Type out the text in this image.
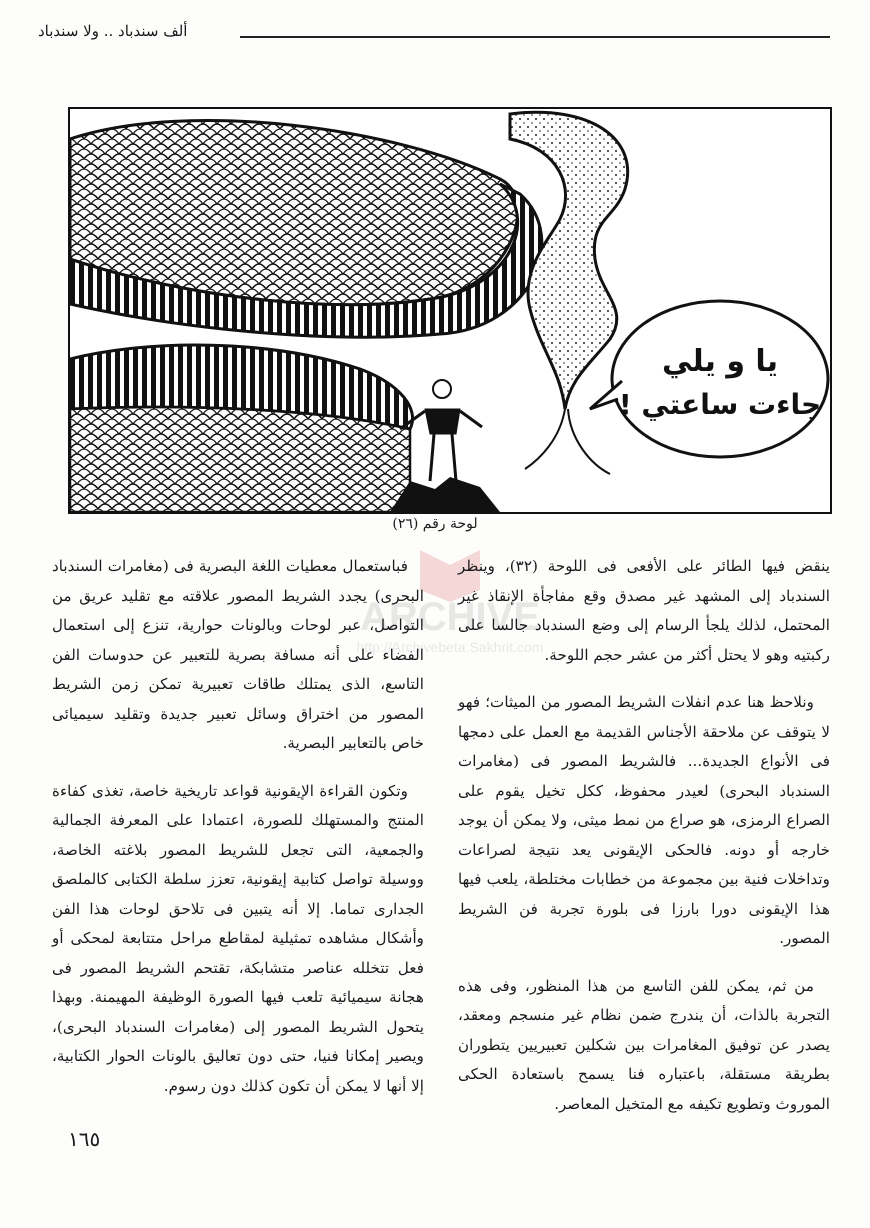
ألف سندباد .. ولا سندباد
يا و يلي
جاءت ساعتي !
لوحة رقم (٢٦)
ARCHIVE
http://Archivebeta.Sakhrit.com

ينقض فيها الطائر على الأفعى فى اللوحة (٣٢)، وينظر السندباد إلى المشهد غير مصدق وقع مفاجأة الإنقاذ غير المحتمل، لذلك يلجأ الرسام إلى وضع السندباد جالسا على ركبتيه وهو لا يحتل أكثر من عشر حجم اللوحة.

ونلاحظ هنا عدم انفلات الشريط المصور من الميثات؛ فهو لا يتوقف عن ملاحقة الأجناس القديمة مع العمل على دمجها فى الأنواع الجديدة... فالشريط المصور فى (مغامرات السندباد البحرى) لعيدر محفوظ، ككل تخيل يقوم على الصراع الرمزى، هو صراع من نمط ميثى، ولا يمكن أن يوجد خارجه أو دونه. فالحكى الإيقونى يعد نتيجة لصراعات وتداخلات فنية بين مجموعة من خطابات مختلطة، يلعب فيها هذا الإيقونى دورا بارزا فى بلورة تجربة فن الشريط المصور.

من ثم، يمكن للفن التاسع من هذا المنظور، وفى هذه التجربة بالذات، أن يندرج ضمن نظام غير منسجم ومعقد، يصدر عن توفيق المغامرات بين شكلين تعبيريين يتطوران بطريقة مستقلة، باعتباره فنا يسمح باستعادة الحكى الموروث وتطويع تكيفه مع المتخيل المعاصر.

فباستعمال معطيات اللغة البصرية فى (مغامرات السندباد البحرى) يجدد الشريط المصور علاقته مع تقليد عريق من التواصل، عبر لوحات وبالونات حوارية، تنزع إلى استعمال الفضاء على أنه مسافة بصرية للتعبير عن حدوسات الفن التاسع، الذى يمتلك طاقات تعبيرية تمكن زمن الشريط المصور من اختراق وسائل تعبير جديدة وتقليد سيميائى خاص بالتعابير البصرية.

وتكون القراءة الإيقونية قواعد تاريخية خاصة، تغذى كفاءة المنتج والمستهلك للصورة، اعتمادا على المعرفة الجمالية والجمعية، التى تجعل للشريط المصور بلاغته الخاصة، ووسيلة تواصل كتابية إيقونية، تعزز سلطة الكتابى كالملصق الجدارى تماما. إلا أنه يتبين فى تلاحق لوحات هذا الفن وأشكال مشاهده تمثيلية لمقاطع مراحل متتابعة لمحكى أو فعل تتخلله عناصر متشابكة، تقتحم الشريط المصور فى هجانة سيميائية تلعب فيها الصورة الوظيفة المهيمنة. وبهذا يتحول الشريط المصور إلى (مغامرات السندباد البحرى)، ويصير إمكانا فنيا، حتى دون تعاليق بالونات الحوار الكتابية، إلا أنها لا يمكن أن تكون كذلك دون رسوم.

١٦٥
